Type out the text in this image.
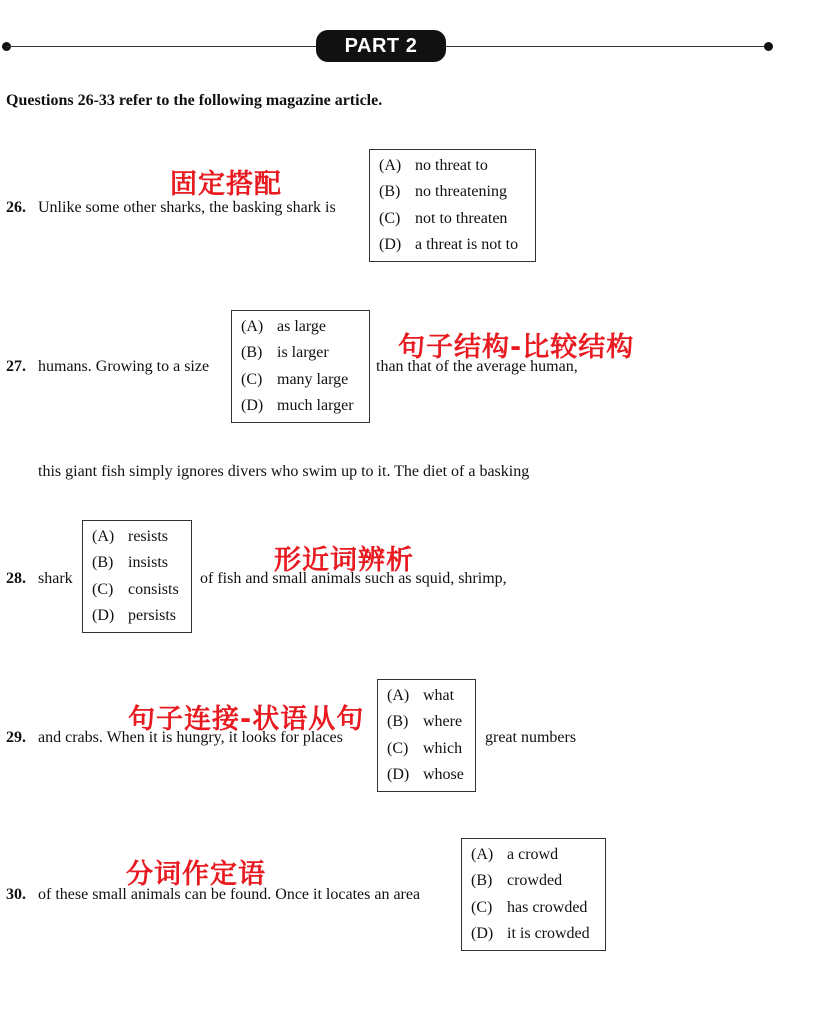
PART 2
Questions 26-33 refer to the following magazine article.
固定搭配
26. Unlike some other sharks, the basking shark is
(A) no threat to
(B) no threatening
(C) not to threaten
(D) a threat is not to
27. humans. Growing to a size
(A) as large
(B) is larger
(C) many large
(D) much larger
than that of the average human,
句子结构-比较结构
this giant fish simply ignores divers who swim up to it. The diet of a basking
28. shark
(A) resists
(B) insists
(C) consists
(D) persists
of fish and small animals such as squid, shrimp,
形近词辨析
句子连接-状语从句
29. and crabs. When it is hungry, it looks for places
(A) what
(B) where
(C) which
(D) whose
great numbers
分词作定语
30. of these small animals can be found. Once it locates an area
(A) a crowd
(B) crowded
(C) has crowded
(D) it is crowded
